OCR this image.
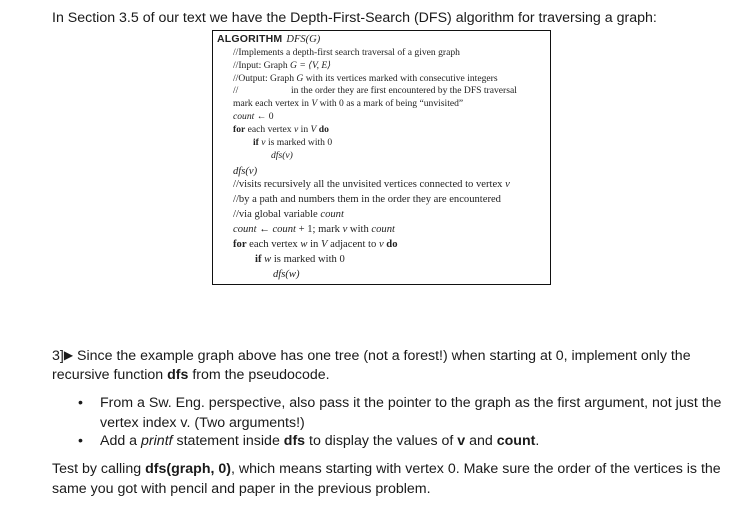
In Section 3.5 of our text we have the Depth-First-Search (DFS) algorithm for traversing a graph:
ALGORITHM DFS(G)
//Implements a depth-first search traversal of a given graph
//Input: Graph G = ⟨V, E⟩
//Output: Graph G with its vertices marked with consecutive integers
//	in the order they are first encountered by the DFS traversal
mark each vertex in V with 0 as a mark of being “unvisited”
count ← 0
for each vertex v in V do
if v is marked with 0
dfs(v)
dfs(v)
//visits recursively all the unvisited vertices connected to vertex v
//by a path and numbers them in the order they are encountered
//via global variable count
count ← count + 1; mark v with count
for each vertex w in V adjacent to v do
if w is marked with 0
dfs(w)
3]▶ Since the example graph above has one tree (not a forest!) when starting at 0, implement only the
recursive function dfs from the pseudocode.
• From a Sw. Eng. perspective, also pass it the pointer to the graph as the first argument, not just the
vertex index v. (Two arguments!)
• Add a printf statement inside dfs to display the values of v and count.
Test by calling dfs(graph, 0), which means starting with vertex 0. Make sure the order of the vertices is the
same you got with pencil and paper in the previous problem.
